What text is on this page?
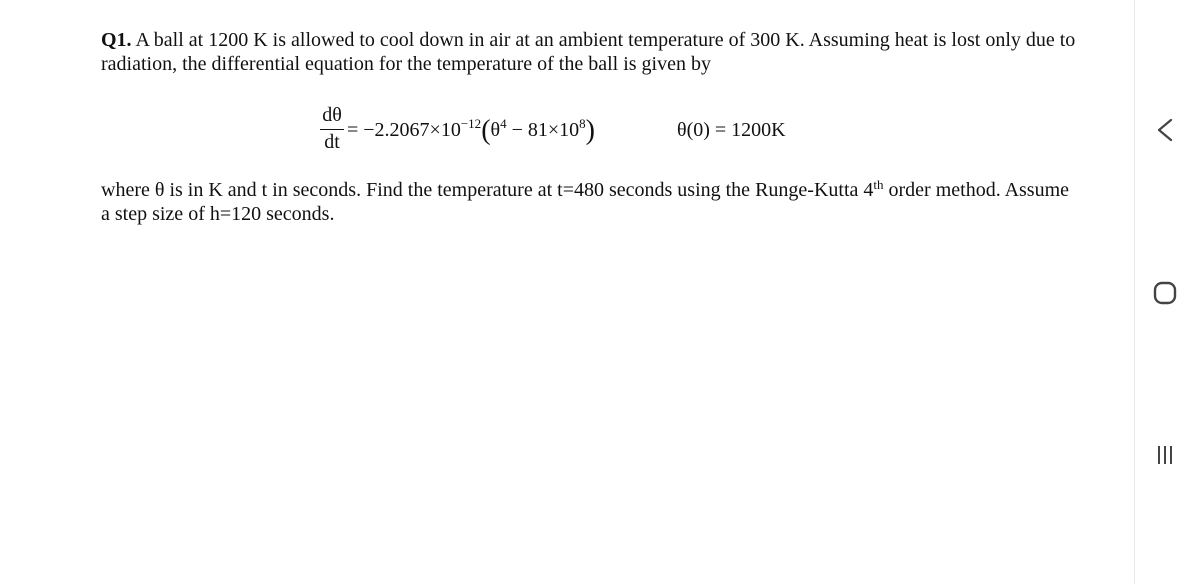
Q1. A ball at 1200 K is allowed to cool down in air at an ambient temperature of 300 K. Assuming heat is lost only due to radiation, the differential equation for the temperature of the ball is given by
dθ
dt
= $-2.2067\times 10^{-12}(\theta^4 - 81\times 10^8)$	θ(0) = 1200K
where θ is in K and t in seconds. Find the temperature at t=480 seconds using the Runge-Kutta 4th order method. Assume a step size of h=120 seconds.
